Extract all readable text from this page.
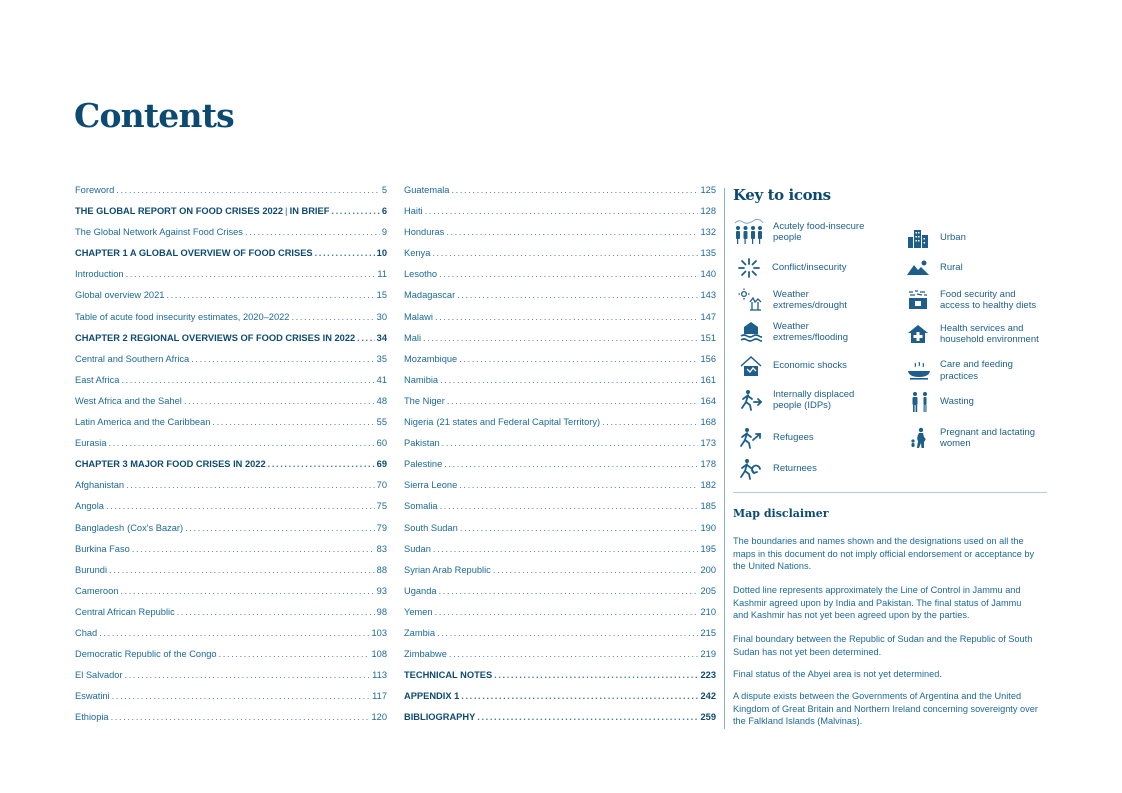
Contents
Foreword .....	5
THE GLOBAL REPORT ON FOOD CRISES 2022 | IN BRIEF .....	6
The Global Network Against Food Crises .....	9
CHAPTER 1 A GLOBAL OVERVIEW OF FOOD CRISES .....	10
Introduction .....	11
Global overview 2021 .....	15
Table of acute food insecurity estimates, 2020–2022 .....	30
CHAPTER 2 REGIONAL OVERVIEWS OF FOOD CRISES IN 2022 ..... 34
Central and Southern Africa .....	35
East Africa .....	41
West Africa and the Sahel .....	48
Latin America and the Caribbean .....	55
Eurasia .....	60
CHAPTER 3 MAJOR FOOD CRISES IN 2022 .....	69
Afghanistan .....	70
Angola .....	75
Bangladesh (Cox's Bazar) .....	79
Burkina Faso .....	83
Burundi .....	88
Cameroon .....	93
Central African Republic .....	98
Chad .....	103
Democratic Republic of the Congo .....	108
El Salvador .....	113
Eswatini .....	117
Ethiopia .....	120
Guatemala .....	125
Haiti .....	128
Honduras .....	132
Kenya .....	135
Lesotho .....	140
Madagascar .....	143
Malawi .....	147
Mali .....	151
Mozambique .....	156
Namibia .....	161
The Niger .....	164
Nigeria (21 states and Federal Capital Territory) .....	168
Pakistan .....	173
Palestine .....	178
Sierra Leone .....	182
Somalia .....	185
South Sudan .....	190
Sudan .....	195
Syrian Arab Republic .....	200
Uganda .....	205
Yemen .....	210
Zambia .....	215
Zimbabwe .....	219
TECHNICAL NOTES .....	223
APPENDIX 1 .....	242
BIBLIOGRAPHY .....	259
Key to icons
Acutely food-insecure people
Conflict/insecurity
Weather extremes/drought
Weather extremes/flooding
Economic shocks
Internally displaced people (IDPs)
Refugees
Returnees
Urban
Rural
Food security and access to healthy diets
Health services and household environment
Care and feeding practices
Wasting
Pregnant and lactating women
Map disclaimer
The boundaries and names shown and the designations used on all the maps in this document do not imply official endorsement or acceptance by the United Nations.
Dotted line represents approximately the Line of Control in Jammu and Kashmir agreed upon by India and Pakistan. The final status of Jammu and Kashmir has not yet been agreed upon by the parties.
Final boundary between the Republic of Sudan and the Republic of South Sudan has not yet been determined.
Final status of the Abyei area is not yet determined.
A dispute exists between the Governments of Argentina and the United Kingdom of Great Britain and Northern Ireland concerning sovereignty over the Falkland Islands (Malvinas).
